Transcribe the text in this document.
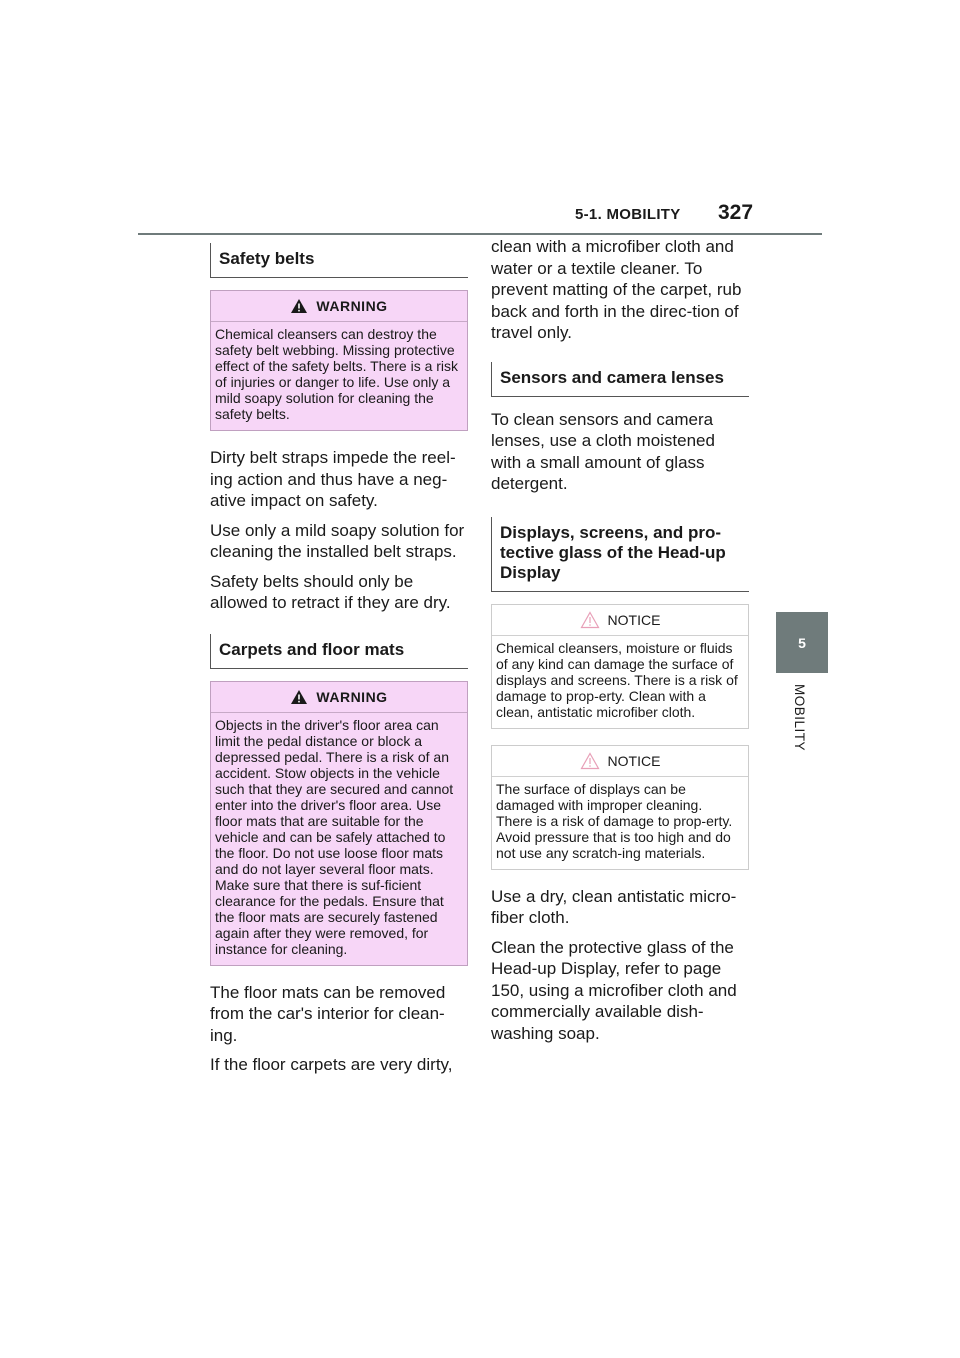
5-1. MOBILITY 327
5
MOBILITY
Safety belts
WARNING
Chemical cleansers can destroy the safety belt webbing. Missing protective effect of the safety belts. There is a risk of injuries or danger to life. Use only a mild soapy solution for cleaning the safety belts.

Dirty belt straps impede the reel-ing action and thus have a neg-ative impact on safety.

Use only a mild soapy solution for cleaning the installed belt straps.

Safety belts should only be allowed to retract if they are dry.

Carpets and floor mats
WARNING
Objects in the driver's floor area can limit the pedal distance or block a depressed pedal. There is a risk of an accident. Stow objects in the vehicle such that they are secured and cannot enter into the driver's floor area. Use floor mats that are suitable for the vehicle and can be safely attached to the floor. Do not use loose floor mats and do not layer several floor mats. Make sure that there is suf-ficient clearance for the pedals. Ensure that the floor mats are securely fastened again after they were removed, for instance for cleaning.

The floor mats can be removed from the car's interior for clean-ing.

If the floor carpets are very dirty,

clean with a microfiber cloth and water or a textile cleaner. To prevent matting of the carpet, rub back and forth in the direc-tion of travel only.

Sensors and camera lenses

To clean sensors and camera lenses, use a cloth moistened with a small amount of glass detergent.

Displays, screens, and pro-tective glass of the Head-up Display
NOTICE
Chemical cleansers, moisture or fluids of any kind can damage the surface of displays and screens. There is a risk of damage to prop-erty. Clean with a clean, antistatic microfiber cloth.
NOTICE
The surface of displays can be damaged with improper cleaning. There is a risk of damage to prop-erty. Avoid pressure that is too high and do not use any scratch-ing materials.

Use a dry, clean antistatic micro-fiber cloth.

Clean the protective glass of the Head-up Display, refer to page 150, using a microfiber cloth and commercially available dish-washing soap.
